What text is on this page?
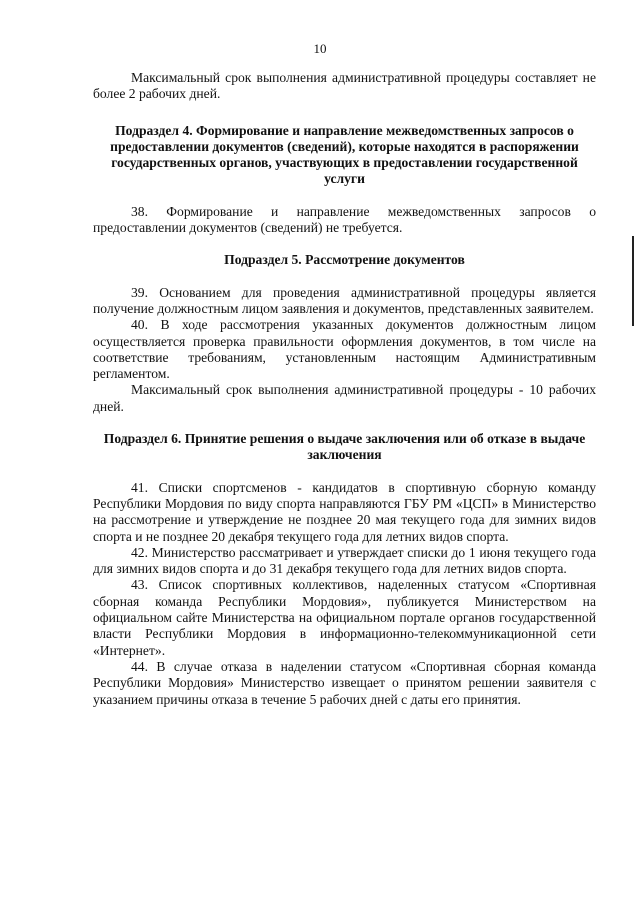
10

Максимальный срок выполнения административной процедуры составляет не более 2 рабочих дней.

Подраздел 4. Формирование и направление межведомственных запросов о предоставлении документов (сведений), которые находятся в распоряжении государственных органов, участвующих в предоставлении государственной услуги

38. Формирование и направление межведомственных запросов о предоставлении документов (сведений) не требуется.

Подраздел 5. Рассмотрение документов

39. Основанием для проведения административной процедуры является получение должностным лицом заявления и документов, представленных заявителем.

40. В ходе рассмотрения указанных документов должностным лицом осуществляется проверка правильности оформления документов, в том числе на соответствие требованиям, установленным настоящим Административным регламентом.

Максимальный срок выполнения административной процедуры - 10 рабочих дней.

Подраздел 6. Принятие решения о выдаче заключения или об отказе в выдаче заключения

41. Списки спортсменов - кандидатов в спортивную сборную команду Республики Мордовия по виду спорта направляются ГБУ РМ «ЦСП» в Министерство на рассмотрение и утверждение не позднее 20 мая текущего года для зимних видов спорта и не позднее 20 декабря текущего года для летних видов спорта.

42. Министерство рассматривает и утверждает списки до 1 июня текущего года для зимних видов спорта и до 31 декабря текущего года для летних видов спорта.

43. Список спортивных коллективов, наделенных статусом «Спортивная сборная команда Республики Мордовия», публикуется Министерством на официальном сайте Министерства на официальном портале органов государственной власти Республики Мордовия в информационно-телекоммуникационной сети «Интернет».

44. В случае отказа в наделении статусом «Спортивная сборная команда Республики Мордовия» Министерство извещает о принятом решении заявителя с указанием причины отказа в течение 5 рабочих дней с даты его принятия.
